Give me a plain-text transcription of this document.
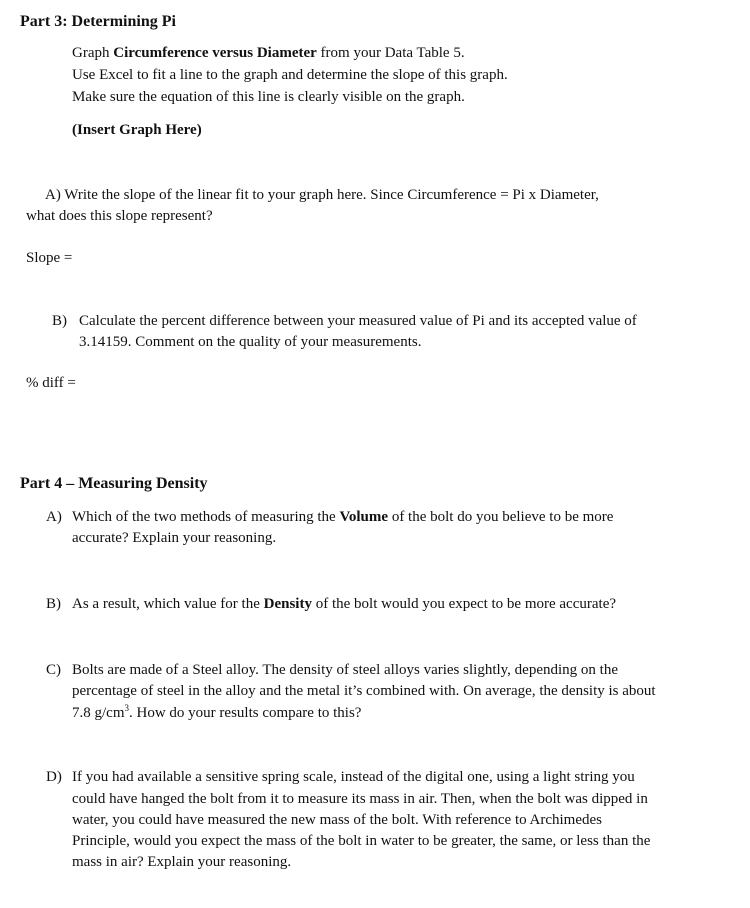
Part 3: Determining Pi
Graph Circumference versus Diameter from your Data Table 5.
Use Excel to fit a line to the graph and determine the slope of this graph.
Make sure the equation of this line is clearly visible on the graph.
(Insert Graph Here)
A) Write the slope of the linear fit to your graph here. Since Circumference = Pi x Diameter,
what does this slope represent?
Slope =
B) Calculate the percent difference between your measured value of Pi and its accepted value of
3.14159. Comment on the quality of your measurements.
% diff =
Part 4 – Measuring Density
A) Which of the two methods of measuring the Volume of the bolt do you believe to be more
accurate? Explain your reasoning.
B) As a result, which value for the Density of the bolt would you expect to be more accurate?
C) Bolts are made of a Steel alloy. The density of steel alloys varies slightly, depending on the
percentage of steel in the alloy and the metal it’s combined with. On average, the density is about
7.8 $g/cm^3$. How do your results compare to this?
D) If you had available a sensitive spring scale, instead of the digital one, using a light string you
could have hanged the bolt from it to measure its mass in air. Then, when the bolt was dipped in
water, you could have measured the new mass of the bolt. With reference to Archimedes
Principle, would you expect the mass of the bolt in water to be greater, the same, or less than the
mass in air? Explain your reasoning.
